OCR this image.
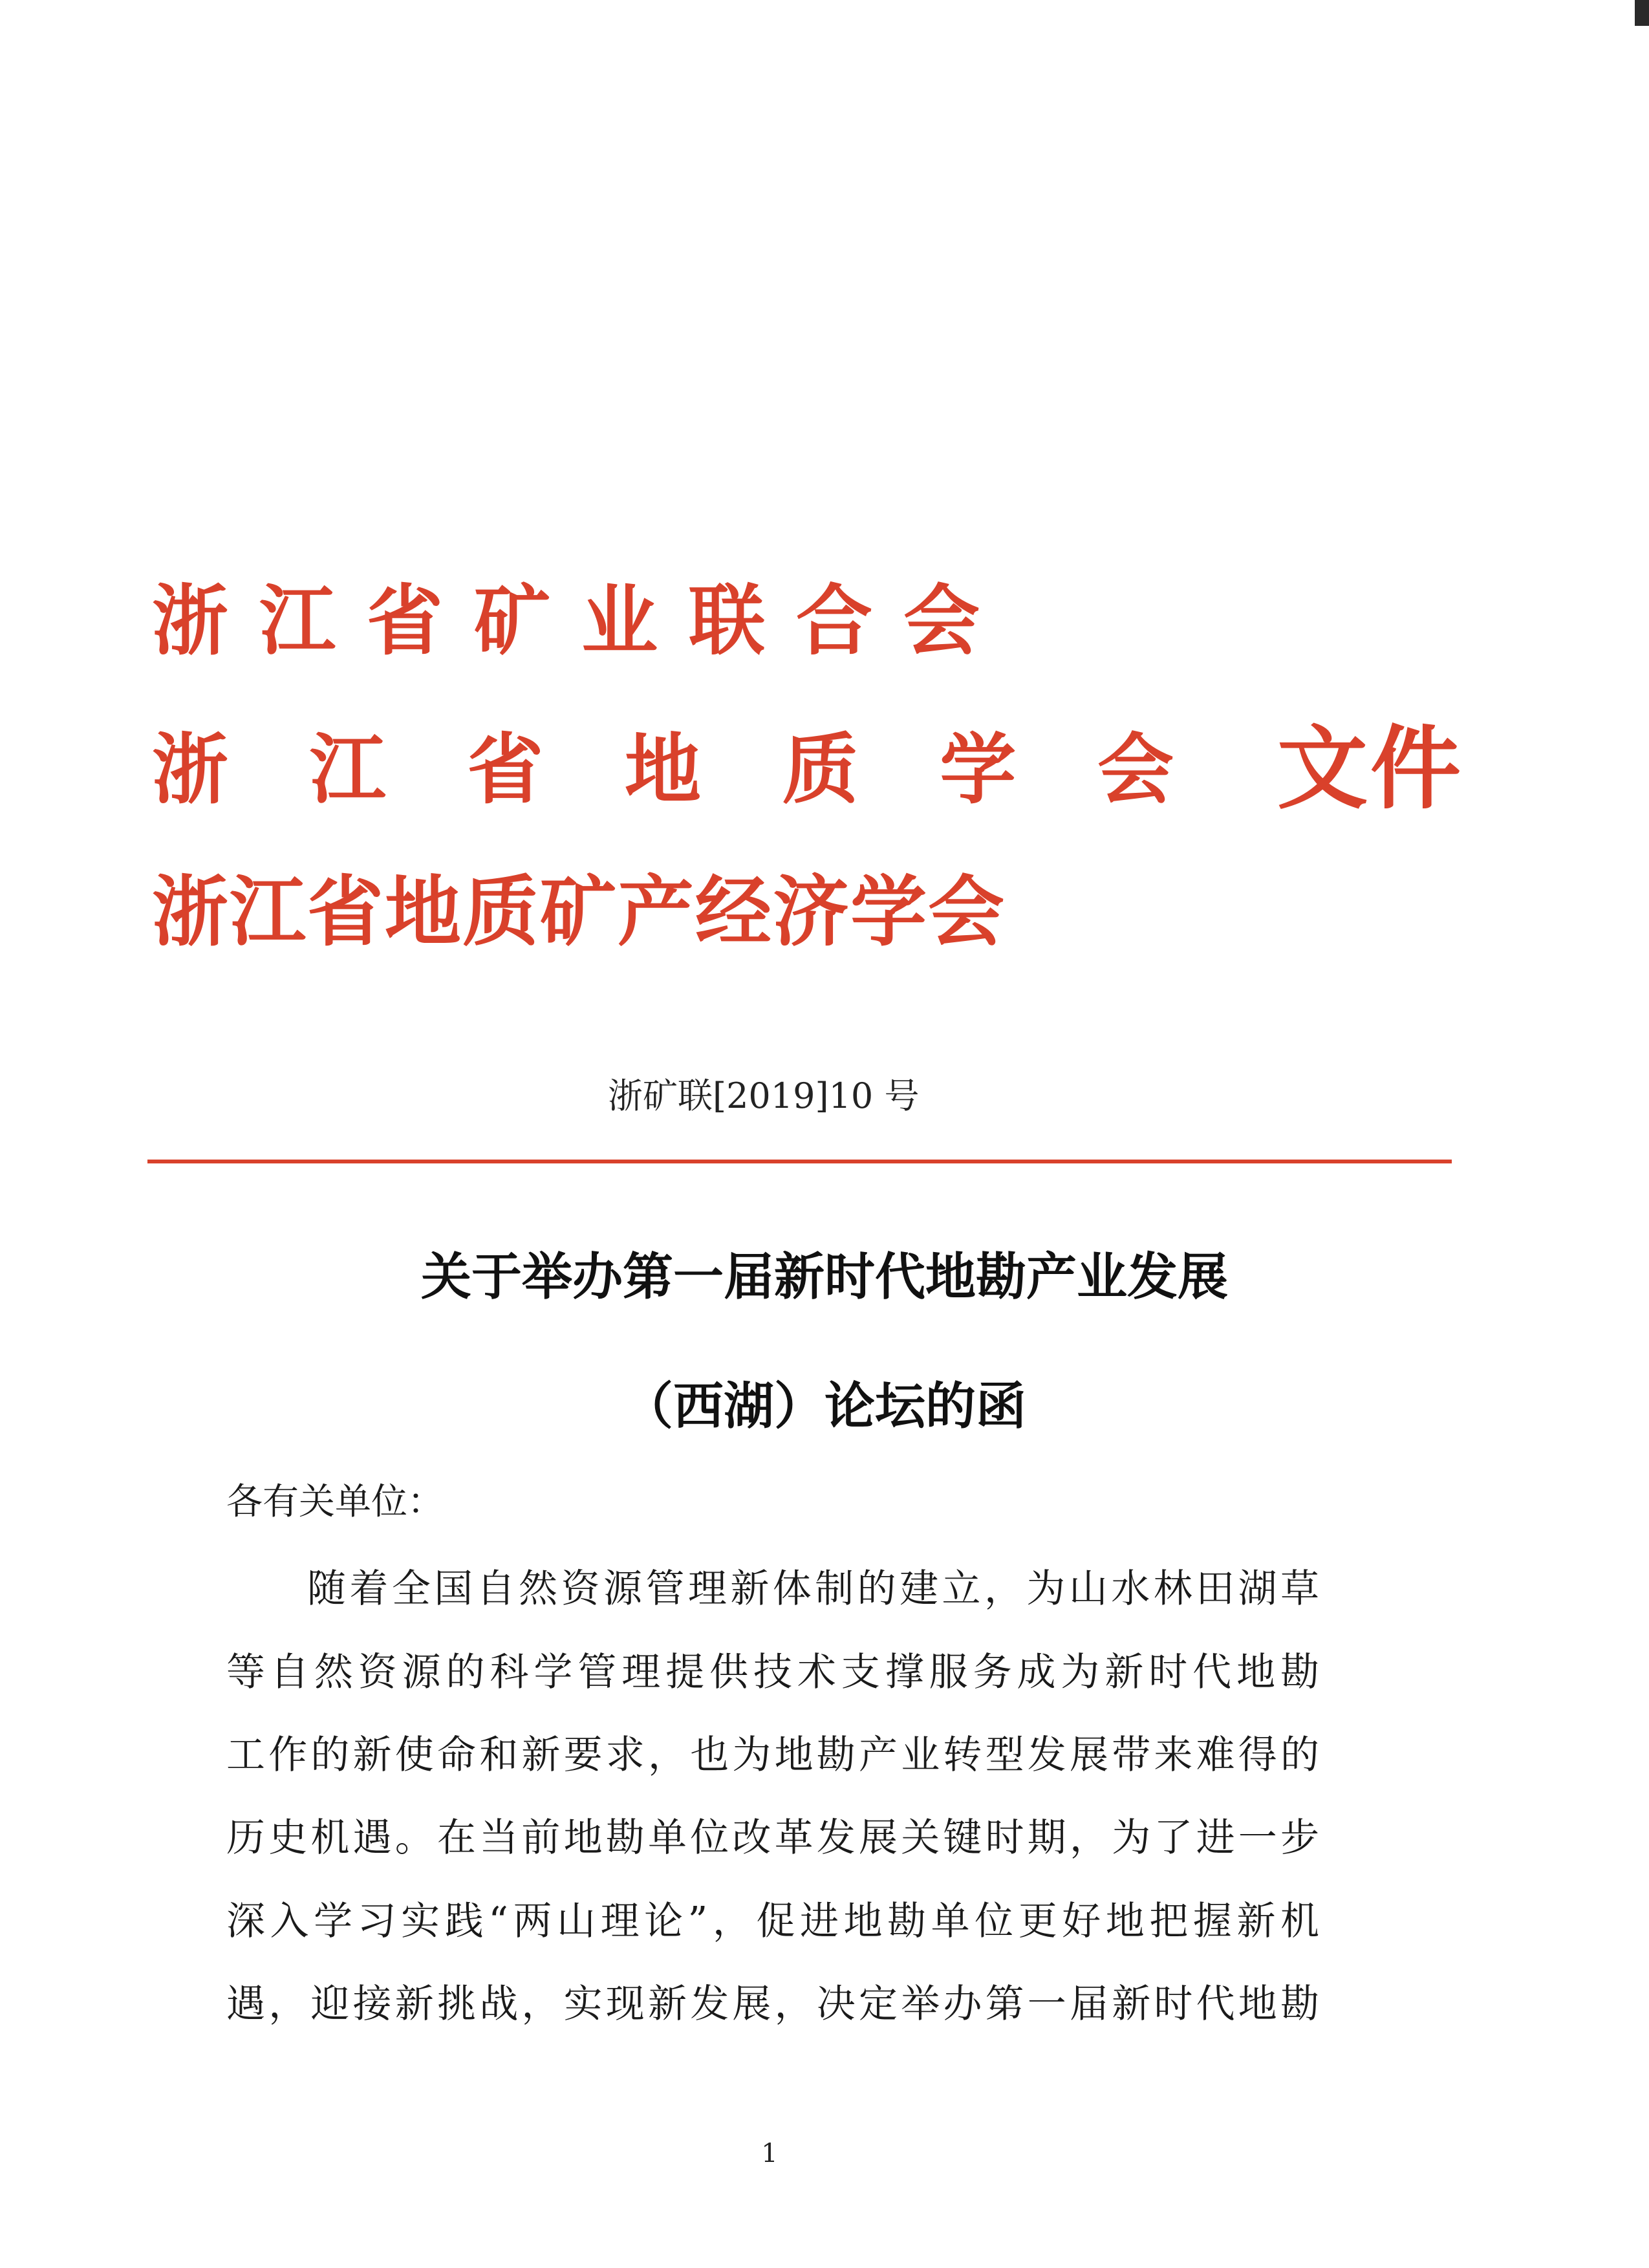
浙江省矿业联合会
浙 江 省 地 质 学 会 文件
浙江省地质矿产经济学会
浙矿联[2019]10 号
关于举办第一届新时代地勘产业发展
（西湖）论坛的函
各有关单位：
随着全国自然资源管理新体制的建立，为山水林田湖草
等自然资源的科学管理提供技术支撑服务成为新时代地勘
工作的新使命和新要求，也为地勘产业转型发展带来难得的
历史机遇。在当前地勘单位改革发展关键时期，为了进一步
深入学习实践“两山理论”，促进地勘单位更好地把握新机
遇，迎接新挑战，实现新发展，决定举办第一届新时代地勘
1
